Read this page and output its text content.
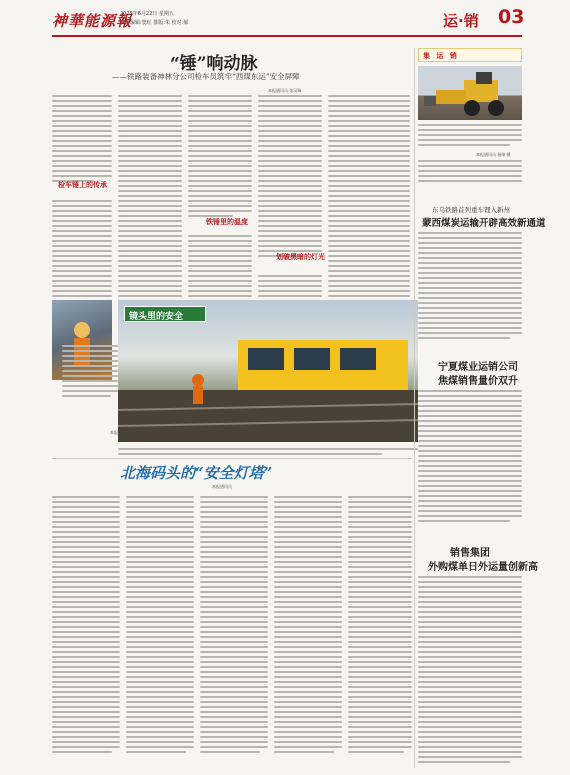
神華能源報
2025年6月22日 星期五
责任编辑:窦红 排版:朱 校对:郝	运·销 03
“锤”响动脉
——铁路装备神林分公司检车员筑牢“西煤东运”安全屏障
本报通讯员 张汉瑞
集 运 销
本报通讯员 杨帅 摄
检车锤上的传承
铁锤里的温度
划破黑暗的灯光
镜头里的安全
本报通讯员 摄
东乌铁路首列重车锂入新州
蒙西煤炭运输开辟高效新通道
宁夏煤业运销公司
焦煤销售量价双升
销售集团
外购煤单日外运量创新高
北海码头的“安全灯塔”
本报通讯员
